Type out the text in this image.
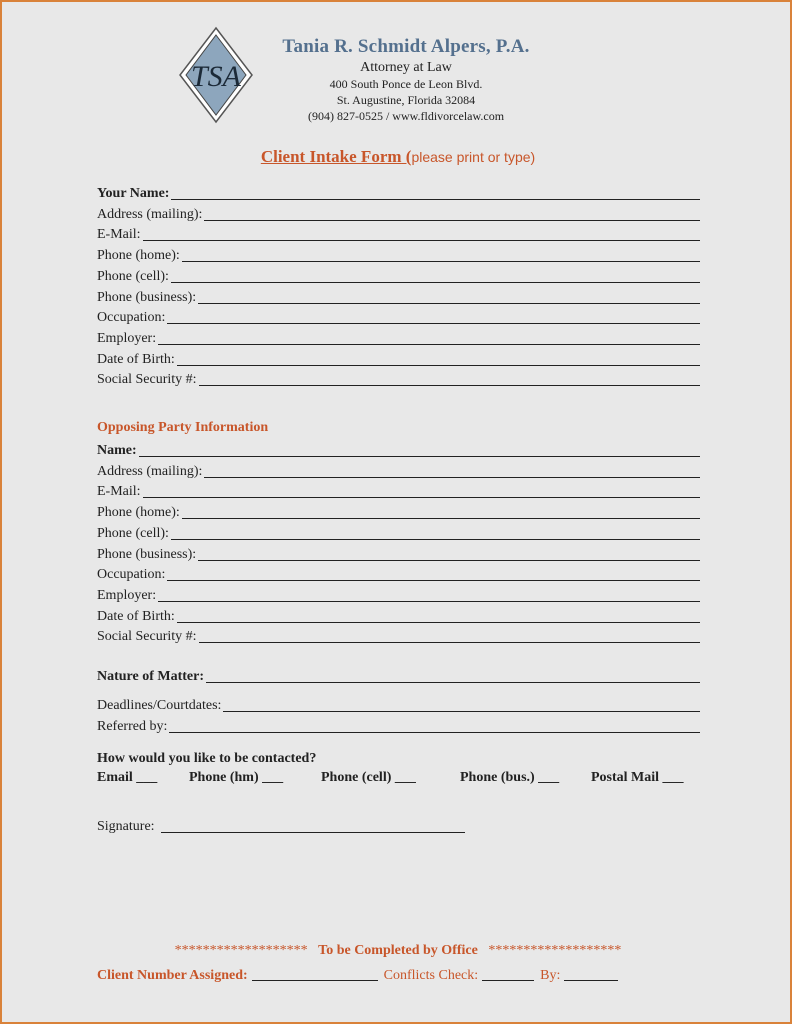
TSA
Tania R. Schmidt Alpers, P.A.
Attorney at Law
400 South Ponce de Leon Blvd.
St. Augustine, Florida 32084
(904) 827-0525 / www.fldivorcelaw.com
Client Intake Form (please print or type)
Your Name:
Address (mailing):
E-Mail:
Phone (home):
Phone (cell):
Phone (business):
Occupation:
Employer:
Date of Birth:
Social Security #:
Opposing Party Information
Name:
Address (mailing):
E-Mail:
Phone (home):
Phone (cell):
Phone (business):
Occupation:
Employer:
Date of Birth:
Social Security #:
Nature of Matter:
Deadlines/Courtdates:
Referred by:
How would you like to be contacted?
Email ___ Phone (hm) ___	Phone (cell) ___	Phone (bus.) ___ Postal Mail ___
Signature:
******************* To be Completed by Office *******************
Client Number Assigned:	Conflicts Check:	By:
